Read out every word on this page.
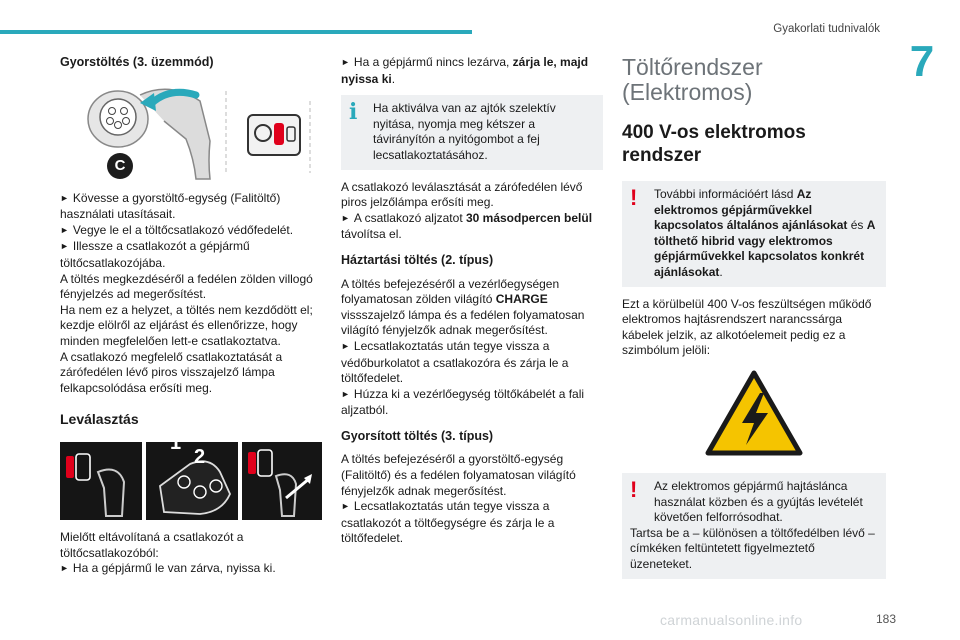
Gyakorlati tudnivalók
7

Gyorstöltés (3. üzemmód)

C

► Kövesse a gyorstöltő-egység (Falitöltő) használati utasításait.

► Vegye le el a töltőcsatlakozó védőfedelét.

► Illessze a csatlakozót a gépjármű töltőcsatlakozójába.

A töltés megkezdéséről a fedélen zölden villogó fényjelzés ad megerősítést.

Ha nem ez a helyzet, a töltés nem kezdődött el; kezdje elölről az eljárást és ellenőrizze, hogy minden megfelelően lett-e csatlakoztatva.

A csatlakozó megfelelő csatlakoztatását a zárófedélen lévő piros visszajelző lámpa felkapcsolódása erősíti meg.

Leválasztás

1
2

Mielőtt eltávolítaná a csatlakozót a töltőcsatlakozóból:

► Ha a gépjármű le van zárva, nyissa ki.

► Ha a gépjármű nincs lezárva, zárja le, majd nyissa ki.

i Ha aktiválva van az ajtók szelektív nyitása, nyomja meg kétszer a távirányítón a nyitógombot a fej lecsatlakoztatásához.

A csatlakozó leválasztását a zárófedélen lévő piros jelzőlámpa erősíti meg.

► A csatlakozó aljzatot 30 másodpercen belül távolítsa el.

Háztartási töltés (2. típus)

A töltés befejezéséről a vezérlőegységen folyamatosan zölden világító CHARGE vissszajelző lámpa és a fedélen folyamatosan világító fényjelzők adnak megerősítést.

► Lecsatlakoztatás után tegye vissza a védőburkolatot a csatlakozóra és zárja le a töltőfedelet.

► Húzza ki a vezérlőegység töltőkábelét a fali aljzatból.

Gyorsított töltés (3. típus)

A töltés befejezéséről a gyorstöltő-egység (Falitöltő) és a fedélen folyamatosan világító fényjelzők adnak megerősítést.

► Lecsatlakoztatás után tegye vissza a csatlakozót a töltőegységre és zárja le a töltőfedelet.

Töltőrendszer
(Elektromos)

400 V-os elektromos
rendszer

! További információért lásd Az elektromos gépjárművekkel kapcsolatos általános ajánlásokat és A tölthető hibrid vagy elektromos gépjárművekkel kapcsolatos konkrét ajánlásokat.

Ezt a körülbelül 400 V-os feszültségen működő elektromos hajtásrendszert narancssárga kábelek jelzik, az alkotóelemeit pedig ez a szimbólum jelöli:

! Az elektromos gépjármű hajtáslánca használat közben és a gyújtás levételét követően felforrósodhat.

Tartsa be a – különösen a töltőfedélben lévő – címkéken feltüntetett figyelmeztető üzeneteket.

183
carmanualsonline.info
